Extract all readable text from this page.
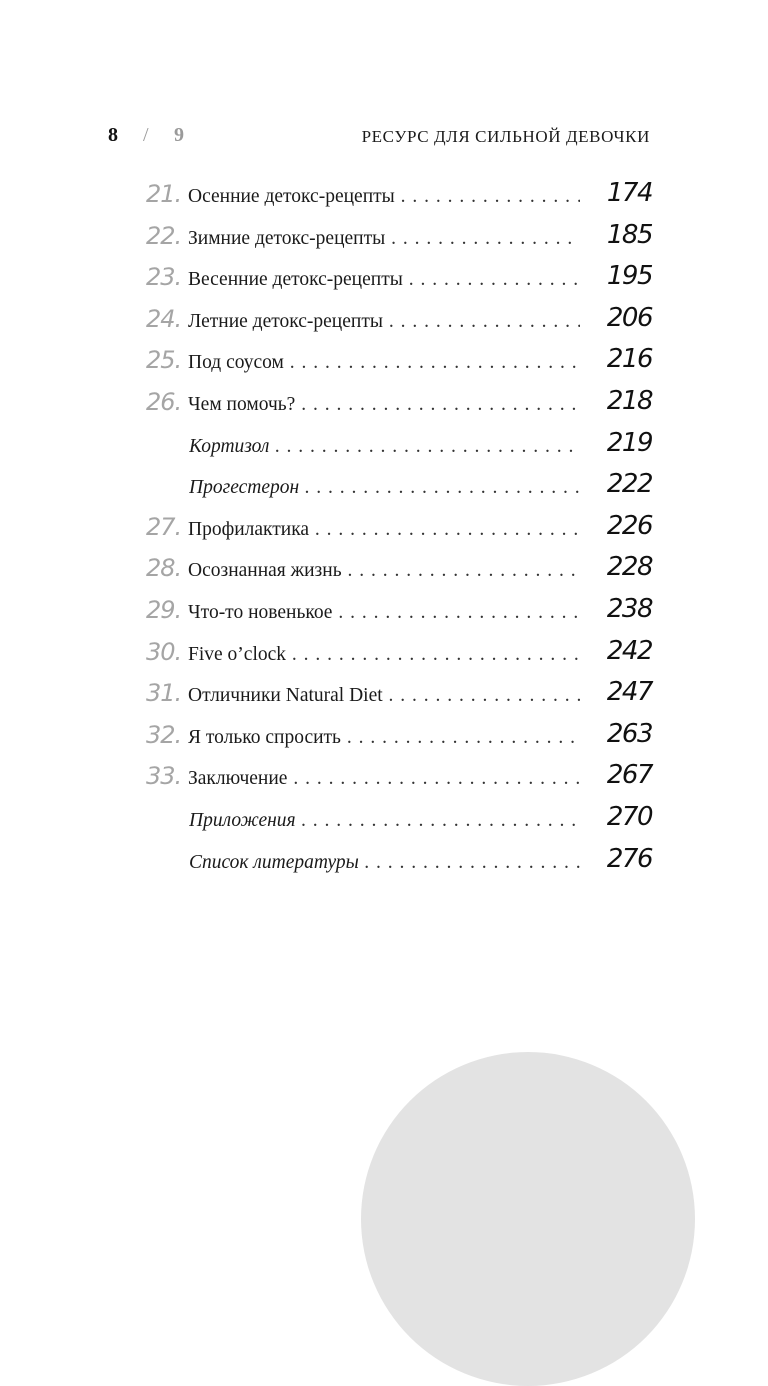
8 / 9	РЕСУРС ДЛЯ СИЛЬНОЙ ДЕВОЧКИ
21. Осенние детокс-рецепты . . .	174
22. Зимние детокс-рецепты . . .	185
23. Весенние детокс-рецепты . . .	195
24. Летние детокс-рецепты . . .	206
25. Под соусом . . .	216
26. Чем помочь? . . .	218
Кортизол . . .	219
Прогестерон . . .	222
27. Профилактика . . .	226
28. Осознанная жизнь . . .	228
29. Что-то новенькое . . .	238
30. Five o’clock . . .	242
31. Отличники Natural Diet . . .	247
32. Я только спросить . . .	263
33. Заключение . . .	267
Приложения . . .	270
Список литературы . . .	276
